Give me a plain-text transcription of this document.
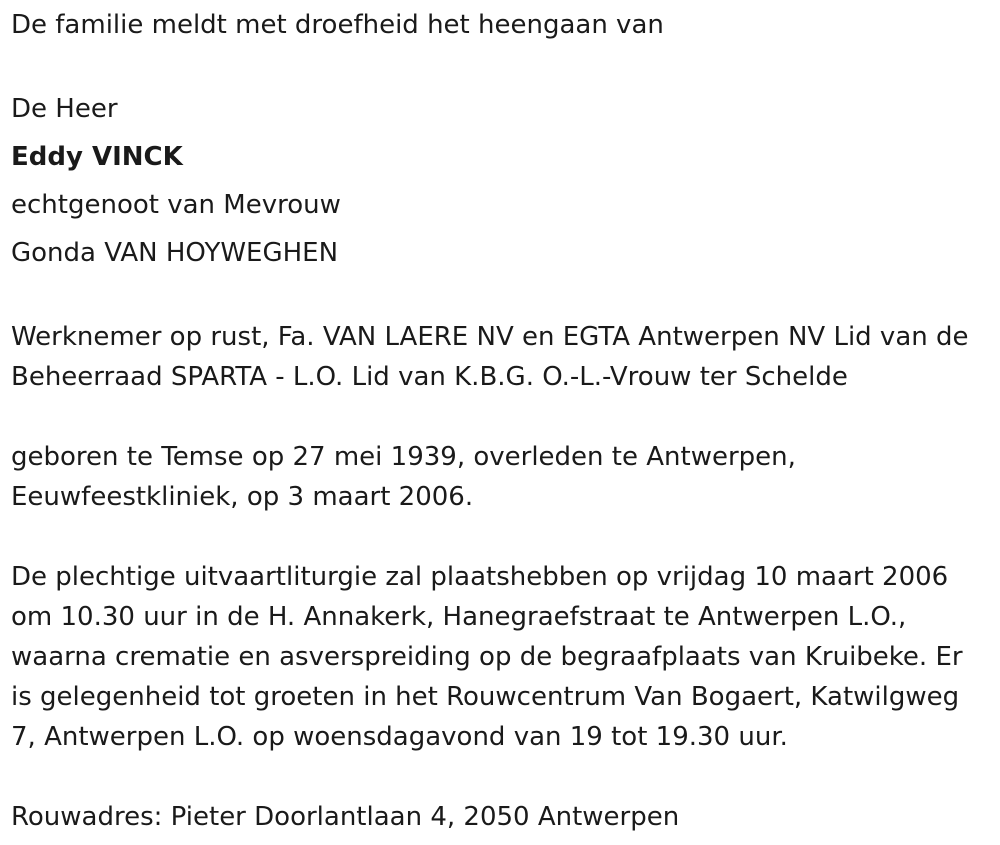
De familie meldt met droefheid het heengaan van
De Heer
Eddy VINCK
echtgenoot van Mevrouw
Gonda VAN HOYWEGHEN
Werknemer op rust, Fa. VAN LAERE NV en EGTA Antwerpen NV Lid van de
Beheerraad SPARTA - L.O. Lid van K.B.G. O.-L.-Vrouw ter Schelde
geboren te Temse op 27 mei 1939, overleden te Antwerpen,
Eeuwfeestkliniek, op 3 maart 2006.
De plechtige uitvaartliturgie zal plaatshebben op vrijdag 10 maart 2006
om 10.30 uur in de H. Annakerk, Hanegraefstraat te Antwerpen L.O.,
waarna crematie en asverspreiding op de begraafplaats van Kruibeke. Er
is gelegenheid tot groeten in het Rouwcentrum Van Bogaert, Katwilgweg
7, Antwerpen L.O. op woensdagavond van 19 tot 19.30 uur.
Rouwadres: Pieter Doorlantlaan 4, 2050 Antwerpen
